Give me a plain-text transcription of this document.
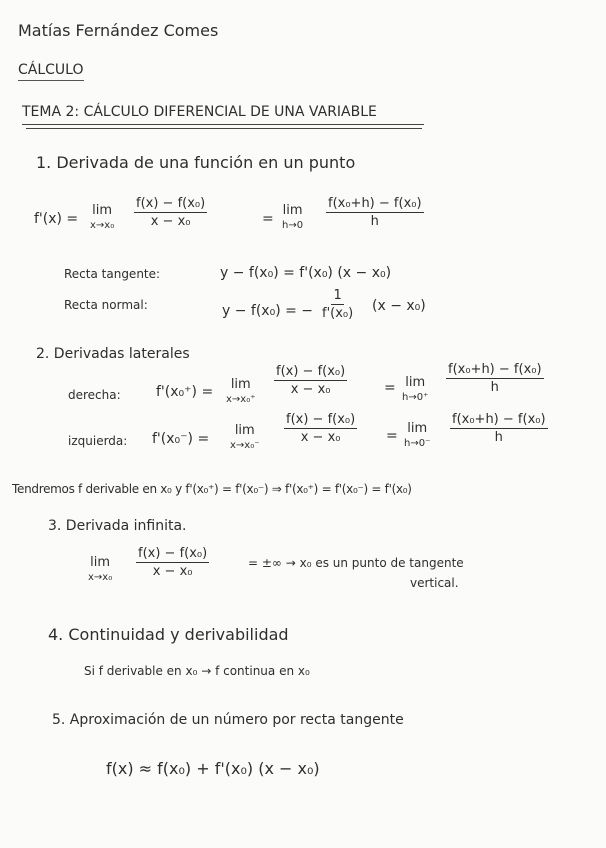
Matías Fernández Comes
CÁLCULO
TEMA 2: CÁLCULO DIFERENCIAL DE UNA VARIABLE
1. Derivada de una función en un punto
f'(x) =
lim
$x\to x_0 \frac{\text{f(x) − f(x₀)}}{\text{x − x₀}}$	=
lim
$h\to 0 \frac{\text{f(x₀+h) − f(x₀)}}{h}$
Recta tangente:	y − f(x₀) = f'(x₀) (x − x₀)
Recta normal:	y − f(x₀) = − $\frac{1}{\text{f'(x₀)}} (x - x_0)$
2. Derivadas laterales
derecha:	f'(x₀⁺) = lim
x→x₀⁺
$\frac{\text{f(x) − f(x₀)}}{\text{x − x₀}}$	= lim
h→0⁺
$\frac{\text{f(x₀+h) − f(x₀)}}{h}$
izquierda: f'(x₀⁻) =
lim
x→x₀⁻
$\frac{\text{f(x) − f(x₀)}}{\text{x − x₀}} = \lim$
$h\to 0^- \frac{\text{f(x₀+h) − f(x₀)}}{h}$
Tendremos f derivable en x₀ y f'(x₀⁺) = f'(x₀⁻) ⇒ f'(x₀⁺) = f'(x₀⁻) = f'(x₀)
3. Derivada infinita.
lim
$x\to x_0 \frac{\text{f(x) − f(x₀)}}{\text{x − x₀}}$	= ±∞ → x₀ es un punto de tangente
vertical.
4. Continuidad y derivabilidad
Si f derivable en x₀ → f continua en x₀
5. Aproximación de un número por recta tangente
f(x) ≈ f(x₀) + f'(x₀) (x − x₀)
